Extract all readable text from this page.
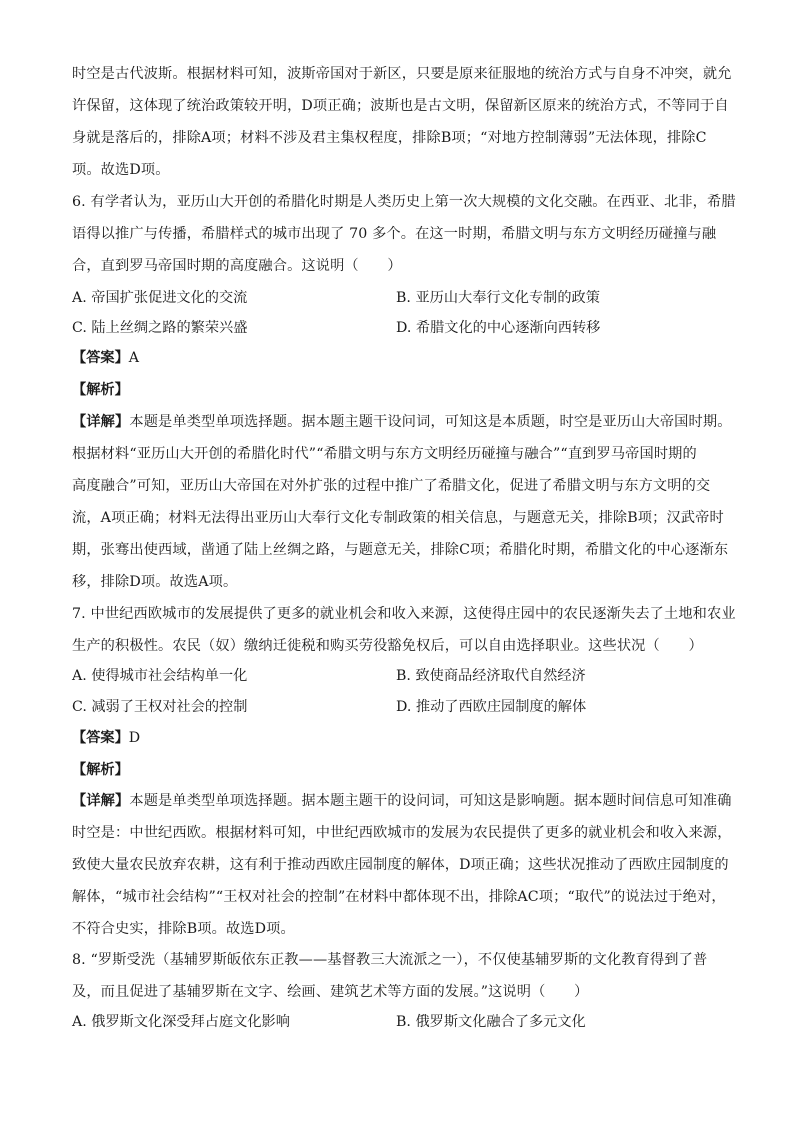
时空是古代波斯。根据材料可知，波斯帝国对于新区，只要是原来征服地的统治方式与自身不冲突，就允
许保留，这体现了统治政策较开明，D项正确；波斯也是古文明，保留新区原来的统治方式，不等同于自
身就是落后的，排除A项；材料不涉及君主集权程度，排除B项；“对地方控制薄弱”无法体现，排除C
项。故选D项。
6. 有学者认为，亚历山大开创的希腊化时期是人类历史上第一次大规模的文化交融。在西亚、北非，希腊
语得以推广与传播，希腊样式的城市出现了 70 多个。在这一时期，希腊文明与东方文明经历碰撞与融
合，直到罗马帝国时期的高度融合。这说明（　　）
A. 帝国扩张促进文化的交流	B. 亚历山大奉行文化专制的政策
C. 陆上丝绸之路的繁荣兴盛	D. 希腊文化的中心逐渐向西转移
【答案】A
【解析】
【详解】本题是单类型单项选择题。据本题主题干设问词，可知这是本质题，时空是亚历山大帝国时期。
根据材料“亚历山大开创的希腊化时代”“希腊文明与东方文明经历碰撞与融合”“直到罗马帝国时期的
高度融合”可知，亚历山大帝国在对外扩张的过程中推广了希腊文化，促进了希腊文明与东方文明的交
流，A项正确；材料无法得出亚历山大奉行文化专制政策的相关信息，与题意无关，排除B项；汉武帝时
期，张骞出使西域，凿通了陆上丝绸之路，与题意无关，排除C项；希腊化时期，希腊文化的中心逐渐东
移，排除D项。故选A项。
7. 中世纪西欧城市的发展提供了更多的就业机会和收入来源，这使得庄园中的农民逐渐失去了土地和农业
生产的积极性。农民（奴）缴纳迁徙税和购买劳役豁免权后，可以自由选择职业。这些状况（　　）
A. 使得城市社会结构单一化	B. 致使商品经济取代自然经济
C. 减弱了王权对社会的控制	D. 推动了西欧庄园制度的解体
【答案】D
【解析】
【详解】本题是单类型单项选择题。据本题主题干的设问词，可知这是影响题。据本题时间信息可知准确
时空是：中世纪西欧。根据材料可知，中世纪西欧城市的发展为农民提供了更多的就业机会和收入来源，
致使大量农民放弃农耕，这有利于推动西欧庄园制度的解体，D项正确；这些状况推动了西欧庄园制度的
解体，“城市社会结构”“王权对社会的控制”在材料中都体现不出，排除AC项；“取代”的说法过于绝对，
不符合史实，排除B项。故选D项。
8. “罗斯受洗（基辅罗斯皈依东正教——基督教三大流派之一），不仅使基辅罗斯的文化教育得到了普
及，而且促进了基辅罗斯在文字、绘画、建筑艺术等方面的发展。”这说明（　　）
A. 俄罗斯文化深受拜占庭文化影响	B. 俄罗斯文化融合了多元文化
